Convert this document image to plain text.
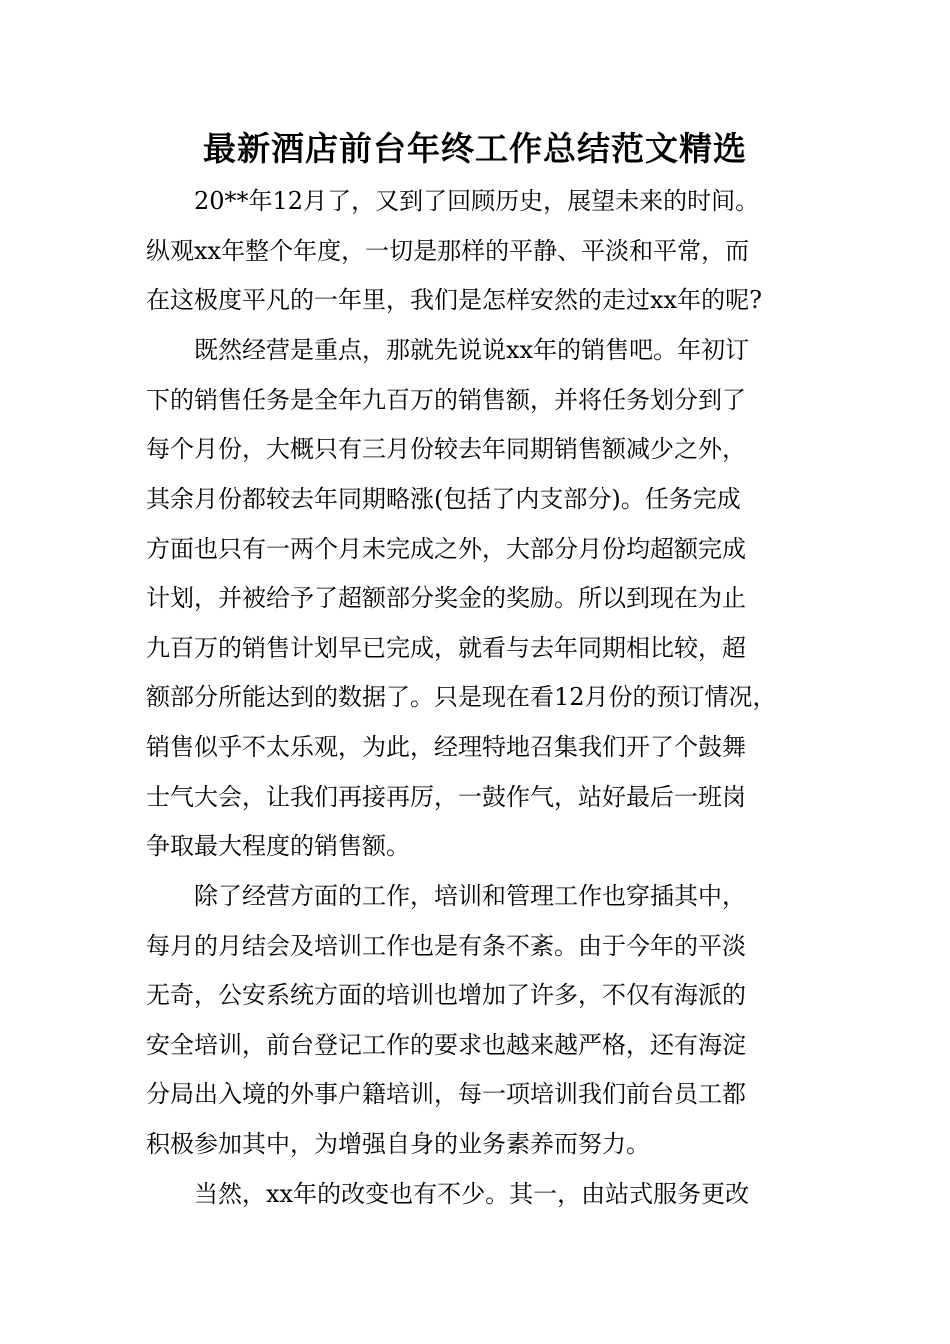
最新酒店前台年终工作总结范文精选

20**年12月了，又到了回顾历史，展望未来的时间。

纵观xx年整个年度，一切是那样的平静、平淡和平常，而

在这极度平凡的一年里，我们是怎样安然的走过xx年的呢?

既然经营是重点，那就先说说xx年的销售吧。年初订

下的销售任务是全年九百万的销售额，并将任务划分到了

每个月份，大概只有三月份较去年同期销售额减少之外，

其余月份都较去年同期略涨(包括了内支部分)。任务完成

方面也只有一两个月未完成之外，大部分月份均超额完成

计划，并被给予了超额部分奖金的奖励。所以到现在为止

九百万的销售计划早已完成，就看与去年同期相比较，超

额部分所能达到的数据了。只是现在看12月份的预订情况，

销售似乎不太乐观，为此，经理特地召集我们开了个鼓舞

士气大会，让我们再接再厉，一鼓作气，站好最后一班岗

争取最大程度的销售额。

除了经营方面的工作，培训和管理工作也穿插其中，

每月的月结会及培训工作也是有条不紊。由于今年的平淡

无奇，公安系统方面的培训也增加了许多，不仅有海派的

安全培训，前台登记工作的要求也越来越严格，还有海淀

分局出入境的外事户籍培训，每一项培训我们前台员工都

积极参加其中，为增强自身的业务素养而努力。

当然，xx年的改变也有不少。其一，由站式服务更改
